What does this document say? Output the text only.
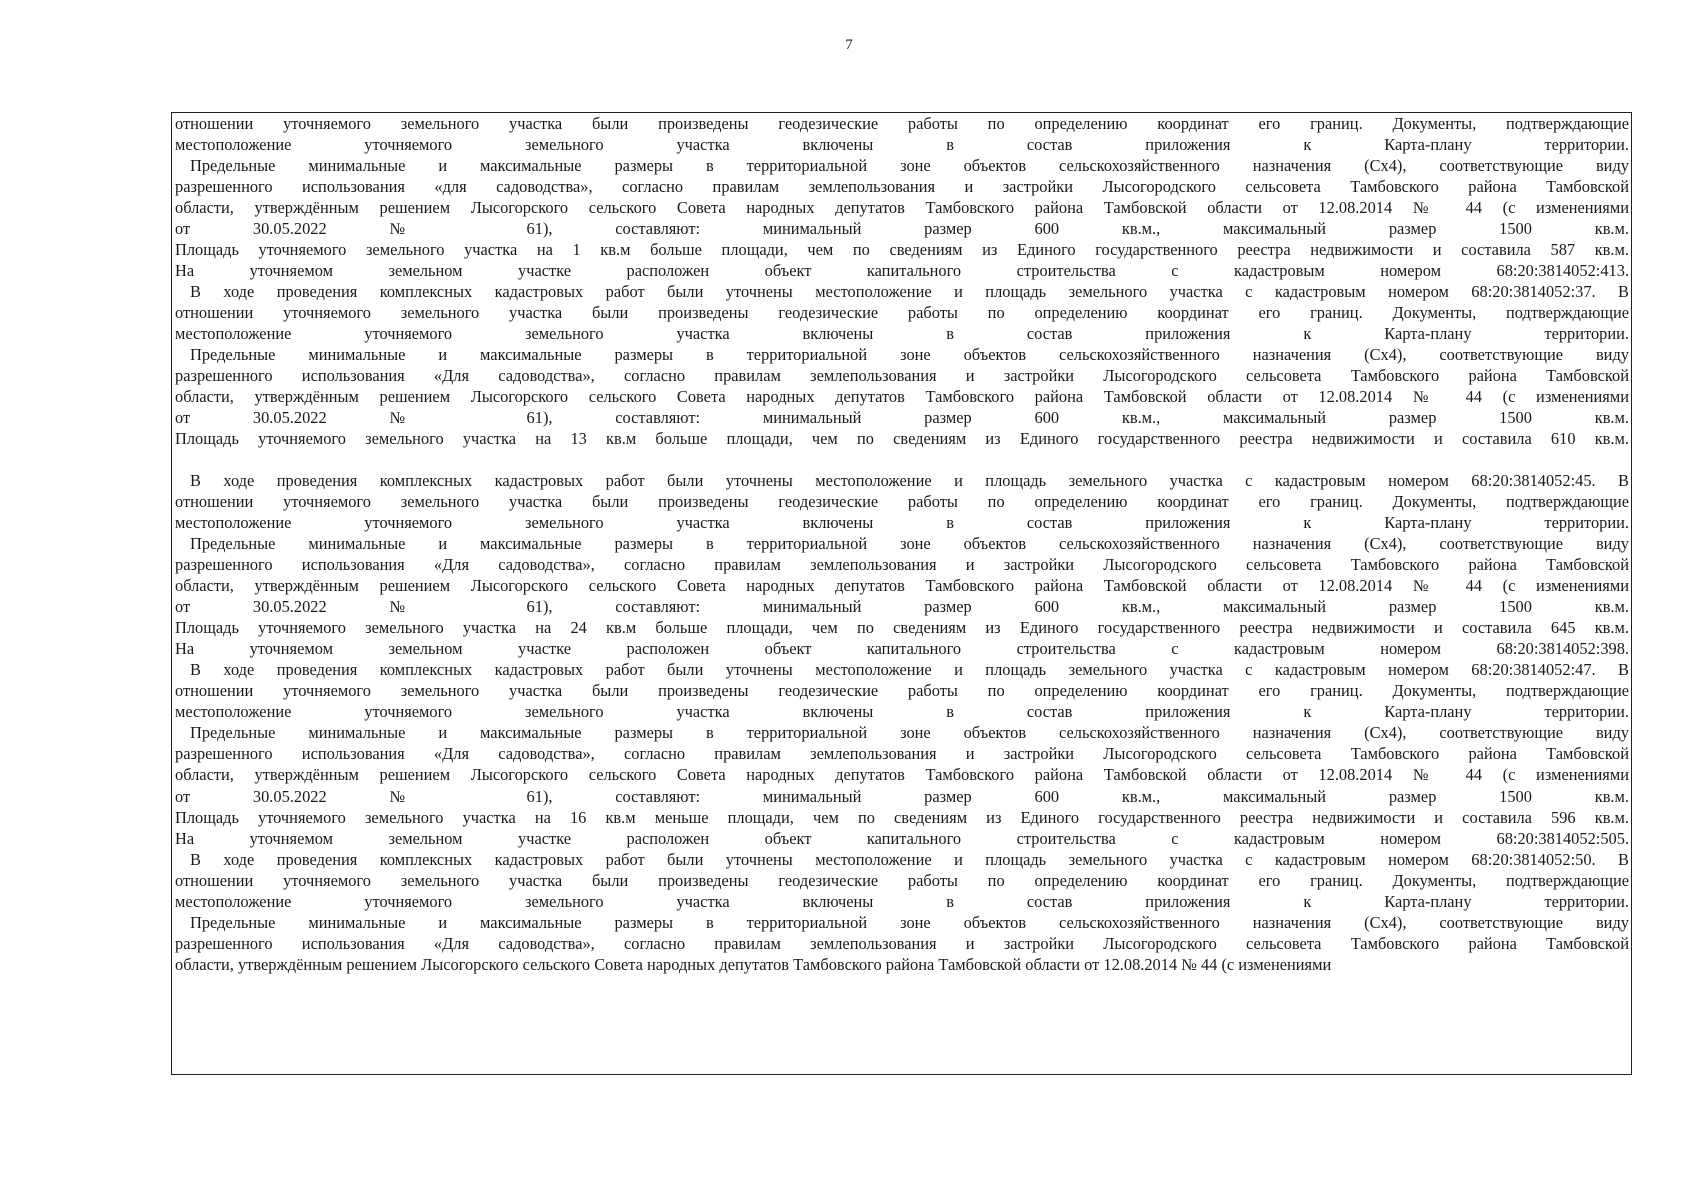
7
отношении уточняемого земельного участка были произведены геодезические работы по определению координат его границ. Документы, подтверждающие
местоположение уточняемого земельного участка включены в состав приложения к Карта-плану территории.
Предельные минимальные и максимальные размеры в территориальной зоне объектов сельскохозяйственного назначения (Сх4), соответствующие виду
разрешенного использования «для садоводства», согласно правилам землепользования и застройки Лысогородского сельсовета Тамбовского района Тамбовской
области, утверждённым решением Лысогорского сельского Совета народных депутатов Тамбовского района Тамбовской области от 12.08.2014 № 44 (с изменениями
от 30.05.2022 № 61), составляют: минимальный размер 600 кв.м., максимальный размер 1500 кв.м.
Площадь уточняемого земельного участка на 1 кв.м больше площади, чем по сведениям из Единого государственного реестра недвижимости и составила 587 кв.м.
На уточняемом земельном участке расположен объект капитального строительства с кадастровым номером 68:20:3814052:413.
В ходе проведения комплексных кадастровых работ были уточнены местоположение и площадь земельного участка с кадастровым номером 68:20:3814052:37. В
отношении уточняемого земельного участка были произведены геодезические работы по определению координат его границ. Документы, подтверждающие
местоположение уточняемого земельного участка включены в состав приложения к Карта-плану территории.
Предельные минимальные и максимальные размеры в территориальной зоне объектов сельскохозяйственного назначения (Сх4), соответствующие виду
разрешенного использования «Для садоводства», согласно правилам землепользования и застройки Лысогородского сельсовета Тамбовского района Тамбовской
области, утверждённым решением Лысогорского сельского Совета народных депутатов Тамбовского района Тамбовской области от 12.08.2014 № 44 (с изменениями
от 30.05.2022 № 61), составляют: минимальный размер 600 кв.м., максимальный размер 1500 кв.м.
Площадь уточняемого земельного участка на 13 кв.м больше площади, чем по сведениям из Единого государственного реестра недвижимости и составила 610 кв.м.
В ходе проведения комплексных кадастровых работ были уточнены местоположение и площадь земельного участка с кадастровым номером 68:20:3814052:45. В
отношении уточняемого земельного участка были произведены геодезические работы по определению координат его границ. Документы, подтверждающие
местоположение уточняемого земельного участка включены в состав приложения к Карта-плану территории.
Предельные минимальные и максимальные размеры в территориальной зоне объектов сельскохозяйственного назначения (Сх4), соответствующие виду
разрешенного использования «Для садоводства», согласно правилам землепользования и застройки Лысогородского сельсовета Тамбовского района Тамбовской
области, утверждённым решением Лысогорского сельского Совета народных депутатов Тамбовского района Тамбовской области от 12.08.2014 № 44 (с изменениями
от 30.05.2022 № 61), составляют: минимальный размер 600 кв.м., максимальный размер 1500 кв.м.
Площадь уточняемого земельного участка на 24 кв.м больше площади, чем по сведениям из Единого государственного реестра недвижимости и составила 645 кв.м.
На уточняемом земельном участке расположен объект капитального строительства с кадастровым номером 68:20:3814052:398.
В ходе проведения комплексных кадастровых работ были уточнены местоположение и площадь земельного участка с кадастровым номером 68:20:3814052:47. В
отношении уточняемого земельного участка были произведены геодезические работы по определению координат его границ. Документы, подтверждающие
местоположение уточняемого земельного участка включены в состав приложения к Карта-плану территории.
Предельные минимальные и максимальные размеры в территориальной зоне объектов сельскохозяйственного назначения (Сх4), соответствующие виду
разрешенного использования «Для садоводства», согласно правилам землепользования и застройки Лысогородского сельсовета Тамбовского района Тамбовской
области, утверждённым решением Лысогорского сельского Совета народных депутатов Тамбовского района Тамбовской области от 12.08.2014 № 44 (с изменениями
от 30.05.2022 № 61), составляют: минимальный размер 600 кв.м., максимальный размер 1500 кв.м.
Площадь уточняемого земельного участка на 16 кв.м меньше площади, чем по сведениям из Единого государственного реестра недвижимости и составила 596 кв.м.
На уточняемом земельном участке расположен объект капитального строительства с кадастровым номером 68:20:3814052:505.
В ходе проведения комплексных кадастровых работ были уточнены местоположение и площадь земельного участка с кадастровым номером 68:20:3814052:50. В
отношении уточняемого земельного участка были произведены геодезические работы по определению координат его границ. Документы, подтверждающие
местоположение уточняемого земельного участка включены в состав приложения к Карта-плану территории.
Предельные минимальные и максимальные размеры в территориальной зоне объектов сельскохозяйственного назначения (Сх4), соответствующие виду
разрешенного использования «Для садоводства», согласно правилам землепользования и застройки Лысогородского сельсовета Тамбовского района Тамбовской
области, утверждённым решением Лысогорского сельского Совета народных депутатов Тамбовского района Тамбовской области от 12.08.2014 № 44 (с изменениями
